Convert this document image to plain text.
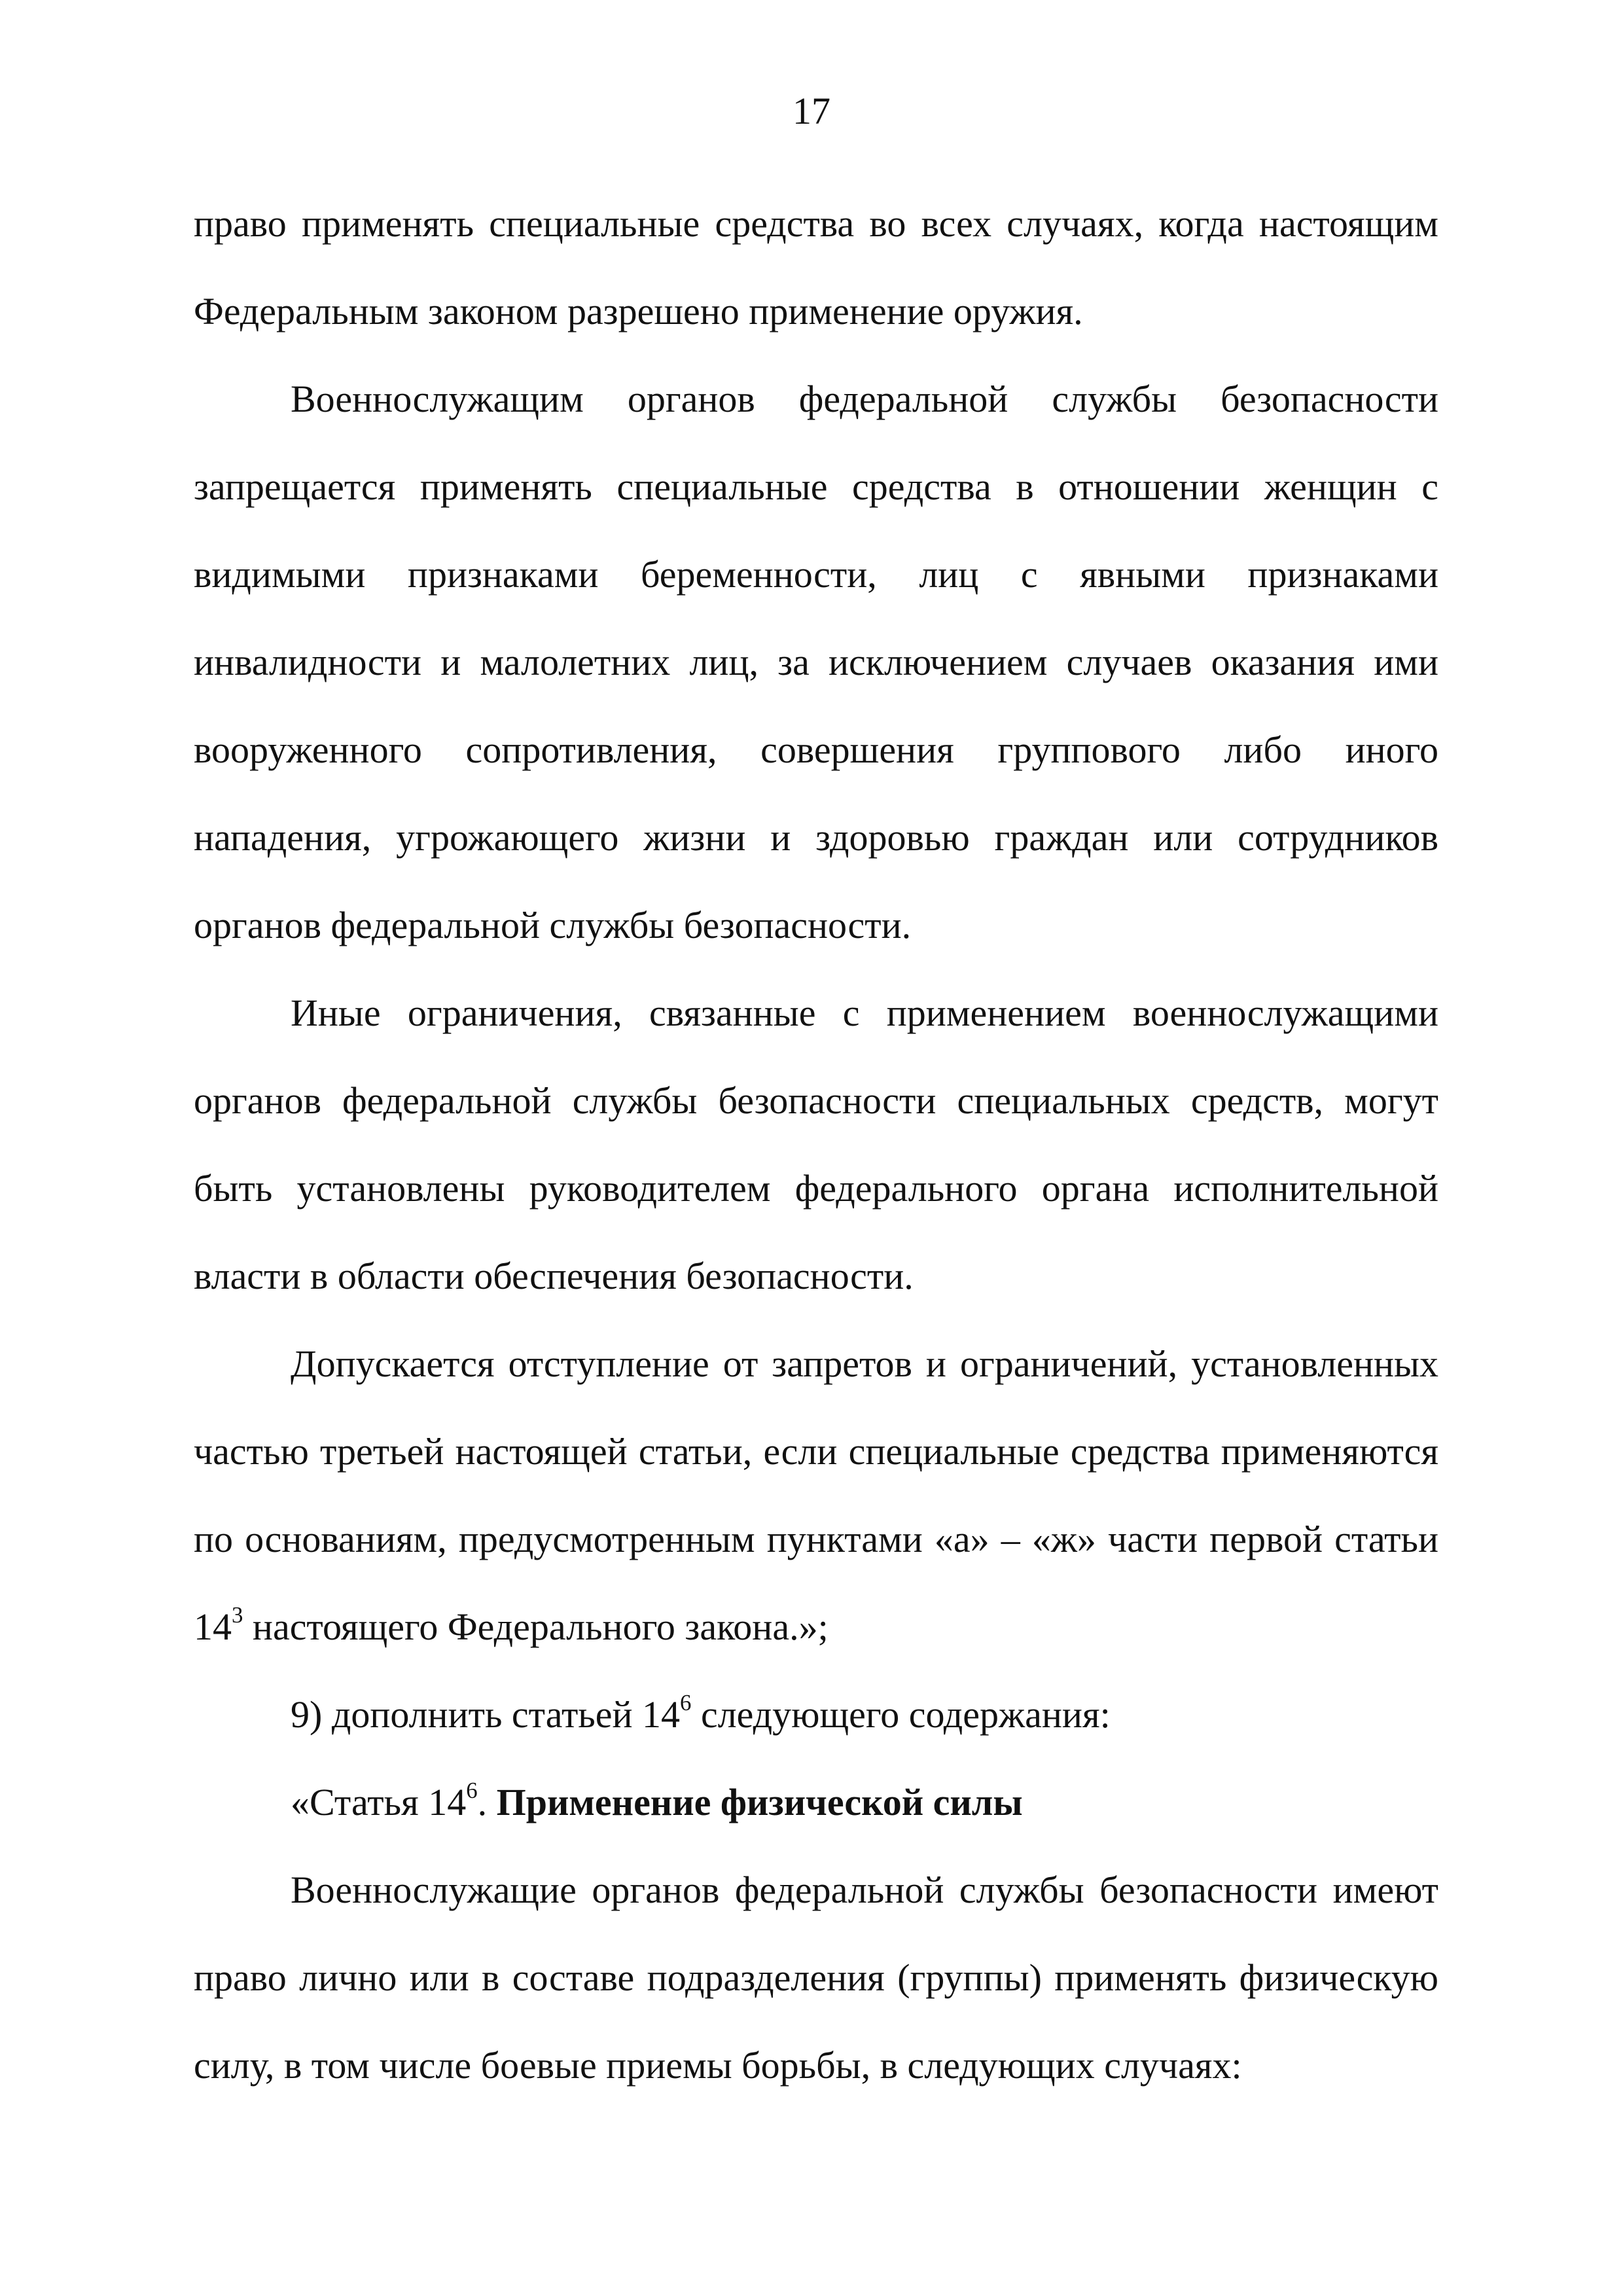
17

право применять специальные средства во всех случаях, когда настоящим Федеральным законом разрешено применение оружия.

Военнослужащим органов федеральной службы безопасности запрещается применять специальные средства в отношении женщин с видимыми признаками беременности, лиц с явными признаками инвалидности и малолетних лиц, за исключением случаев оказания ими вооруженного сопротивления, совершения группового либо иного нападения, угрожающего жизни и здоровью граждан или сотрудников органов федеральной службы безопасности.

Иные ограничения, связанные с применением военнослужащими органов федеральной службы безопасности специальных средств, могут быть установлены руководителем федерального органа исполнительной власти в области обеспечения безопасности.

Допускается отступление от запретов и ограничений, установленных частью третьей настоящей статьи, если специальные средства применяются по основаниям, предусмотренным пунктами «а» – «ж» части первой статьи $14^3$ настоящего Федерального закона.»;

9) дополнить статьей $14^6$ следующего содержания:

«Статья $14^6$. Применение физической силы

Военнослужащие органов федеральной службы безопасности имеют право лично или в составе подразделения (группы) применять физическую силу, в том числе боевые приемы борьбы, в следующих случаях:
